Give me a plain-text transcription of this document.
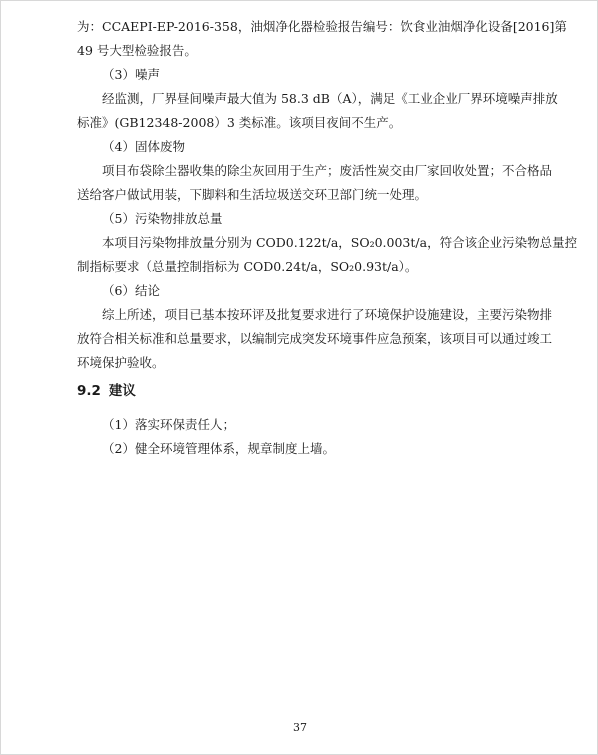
为：CCAEPI-EP-2016-358，油烟净化器检验报告编号：饮食业油烟净化设备[2016]第
49 号大型检验报告。
（3）噪声
经监测，厂界昼间噪声最大值为 58.3 dB（A），满足《工业企业厂界环境噪声排放
标准》(GB12348-2008）3 类标准。该项目夜间不生产。
（4）固体废物
项目布袋除尘器收集的除尘灰回用于生产；废活性炭交由厂家回收处置；不合格品
送给客户做试用装，下脚料和生活垃圾送交环卫部门统一处理。
（5）污染物排放总量
本项目污染物排放量分别为 COD0.122t/a，SO₂0.003t/a，符合该企业污染物总量控
制指标要求（总量控制指标为 COD0.24t/a，SO₂0.93t/a）。
（6）结论
综上所述，项目已基本按环评及批复要求进行了环境保护设施建设，主要污染物排
放符合相关标准和总量要求，以编制完成突发环境事件应急预案，该项目可以通过竣工
环境保护验收。
9.2 建议
（1）落实环保责任人；
（2）健全环境管理体系，规章制度上墙。
37
